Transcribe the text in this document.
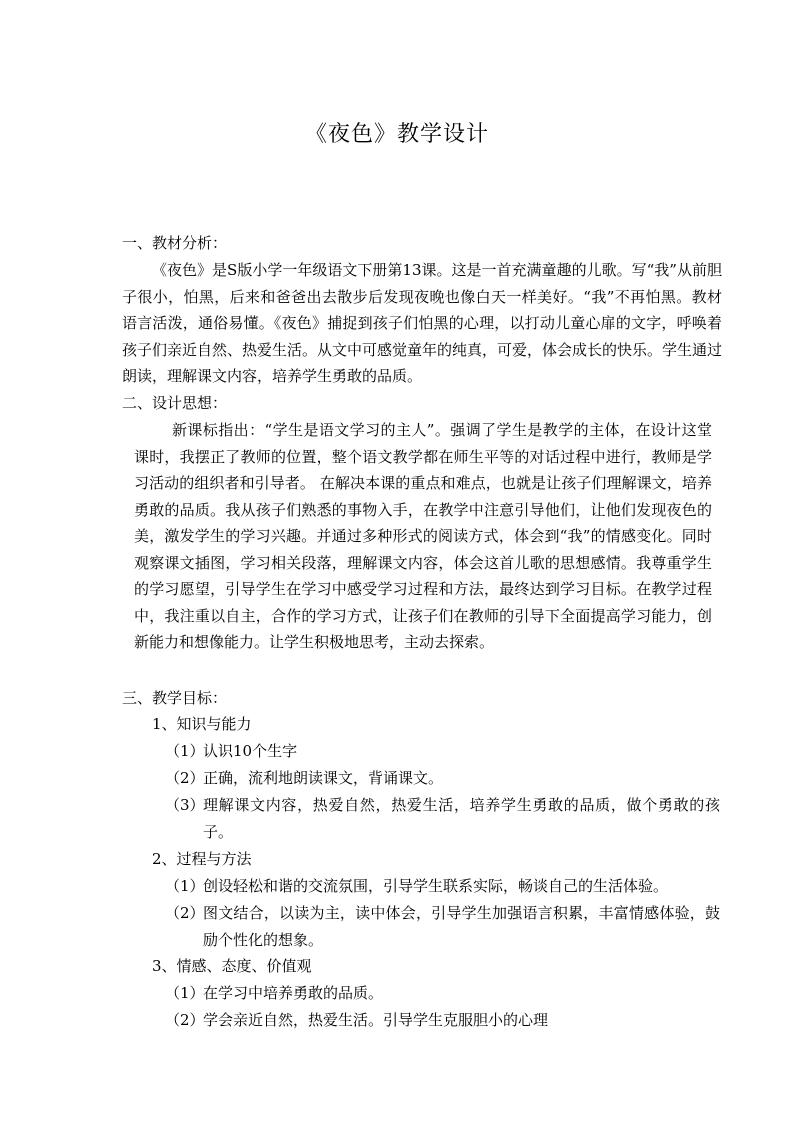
《夜色》教学设计
一、教材分析：
《夜色》是S版小学一年级语文下册第13课。这是一首充满童趣的儿歌。写“我”从前胆子很小，怕黑，后来和爸爸出去散步后发现夜晚也像白天一样美好。“我”不再怕黑。教材语言活泼，通俗易懂。《夜色》捕捉到孩子们怕黑的心理，以打动儿童心扉的文字，呼唤着孩子们亲近自然、热爱生活。从文中可感觉童年的纯真，可爱，体会成长的快乐。学生通过朗读，理解课文内容，培养学生勇敢的品质。
二、设计思想：
新课标指出：“学生是语文学习的主人”。强调了学生是教学的主体，在设计这堂课时，我摆正了教师的位置，整个语文教学都在师生平等的对话过程中进行，教师是学习活动的组织者和引导者。 在解决本课的重点和难点，也就是让孩子们理解课文，培养勇敢的品质。我从孩子们熟悉的事物入手，在教学中注意引导他们，让他们发现夜色的美，激发学生的学习兴趣。并通过多种形式的阅读方式，体会到“我”的情感变化。同时观察课文插图，学习相关段落，理解课文内容，体会这首儿歌的思想感情。我尊重学生的学习愿望，引导学生在学习中感受学习过程和方法，最终达到学习目标。在教学过程中，我注重以自主，合作的学习方式，让孩子们在教师的引导下全面提高学习能力，创新能力和想像能力。让学生积极地思考，主动去探索。
三、教学目标：
1、知识与能力
（1）
认识10个生字
（2）
正确，流利地朗读课文，背诵课文。
（3）
理解课文内容，热爱自然，热爱生活，培养学生勇敢的品质，做个勇敢的孩子。
2、过程与方法
（1）
创设轻松和谐的交流氛围，引导学生联系实际，畅谈自己的生活体验。
（2）
图文结合，以读为主，读中体会，引导学生加强语言积累，丰富情感体验，鼓励个性化的想象。
3、情感、态度、价值观
（1）
在学习中培养勇敢的品质。
（2）
学会亲近自然，热爱生活。引导学生克服胆小的心理
